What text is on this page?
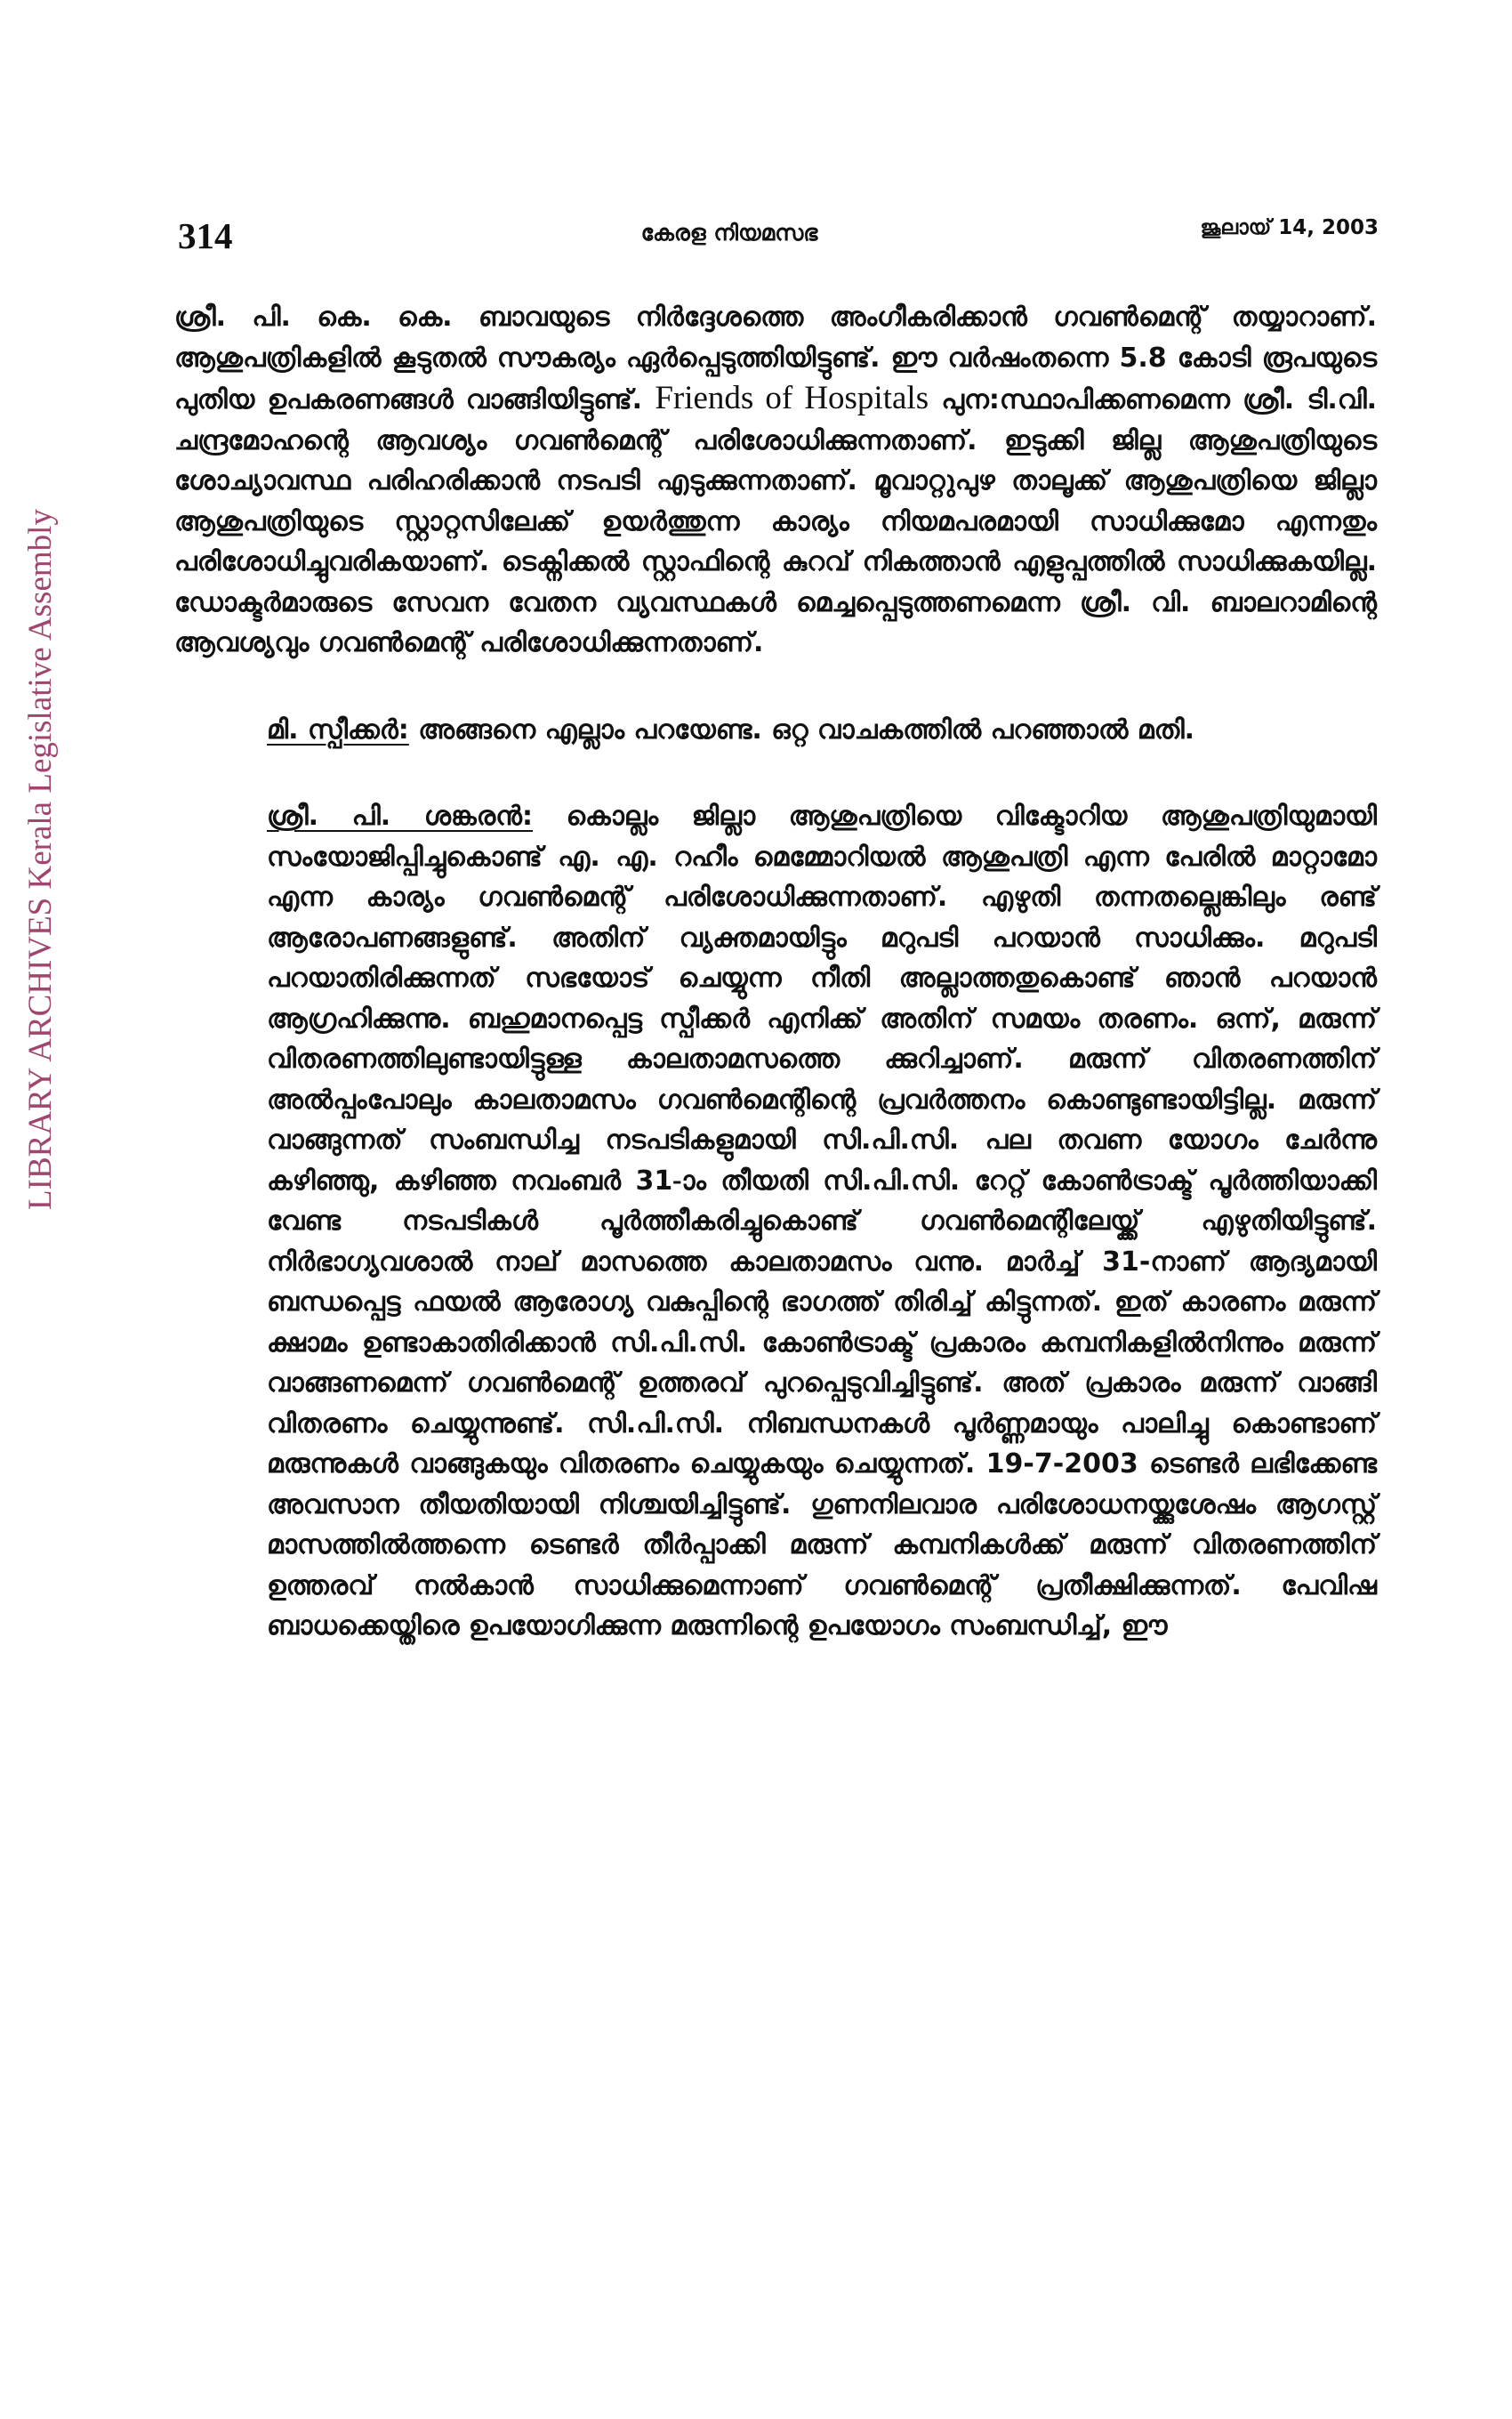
LIBRARY ARCHIVES Kerala Legislative Assembly
314	കേരള നിയമസഭ	ജൂലായ് 14, 2003

ശ്രീ. പി. കെ. കെ. ബാവയുടെ നിർദ്ദേശത്തെ അംഗീകരിക്കാൻ ഗവൺമെന്റ് തയ്യാറാണ്. ആശുപത്രികളിൽ കൂടുതൽ സൗകര്യം ഏർപ്പെടുത്തിയിട്ടുണ്ട്. ഈ വർഷംതന്നെ 5.8 കോടി രൂപയുടെ പുതിയ ഉപകരണങ്ങൾ വാങ്ങിയിട്ടുണ്ട്. Friends of Hospitals പുന:സ്ഥാപിക്കണമെന്ന ശ്രീ. ടി.വി. ചന്ദ്രമോഹന്റെ ആവശ്യം ഗവൺമെന്റ് പരിശോധിക്കുന്നതാണ്. ഇടുക്കി ജില്ല ആശുപത്രിയുടെ ശോച്യാവസ്ഥ പരിഹരിക്കാൻ നടപടി എടുക്കുന്നതാണ്. മൂവാറ്റുപുഴ താലൂക്ക് ആശുപത്രിയെ ജില്ലാ ആശുപത്രിയുടെ സ്റ്റാറ്റസിലേക്ക് ഉയർത്തുന്ന കാര്യം നിയമപരമായി സാധിക്കുമോ എന്നതും പരിശോധിച്ചുവരികയാണ്. ടെക്നിക്കൽ സ്റ്റാഫിന്റെ കുറവ് നികത്താൻ എളുപ്പത്തിൽ സാധിക്കുകയില്ല. ഡോക്ടർമാരുടെ സേവന വേതന വ്യവസ്ഥകൾ മെച്ചപ്പെടുത്തണമെന്ന ശ്രീ. വി. ബാലറാമിന്റെ ആവശ്യവും ഗവൺമെന്റ് പരിശോധിക്കുന്നതാണ്.

മി. സ്പീക്കർ: അങ്ങനെ എല്ലാം പറയേണ്ട. ഒറ്റ വാചകത്തിൽ പറഞ്ഞാൽ മതി.

ശ്രീ. പി. ശങ്കരൻ: കൊല്ലം ജില്ലാ ആശുപത്രിയെ വിക്ടോറിയ ആശുപത്രിയുമായി സംയോജിപ്പിച്ചുകൊണ്ട് എ. എ. റഹീം മെമ്മോറിയൽ ആശുപത്രി എന്ന പേരിൽ മാറ്റാമോ എന്ന കാര്യം ഗവൺമെന്റ് പരിശോധിക്കുന്നതാണ്. എഴുതി തന്നതല്ലെങ്കിലും രണ്ട് ആരോപണങ്ങളുണ്ട്. അതിന് വ്യക്തമായിട്ടും മറുപടി പറയാൻ സാധിക്കും. മറുപടി പറയാതിരിക്കുന്നത് സഭയോട് ചെയ്യുന്ന നീതി അല്ലാത്തതുകൊണ്ട് ഞാൻ പറയാൻ ആഗ്രഹിക്കുന്നു. ബഹുമാനപ്പെട്ട സ്പീക്കർ എനിക്ക് അതിന് സമയം തരണം. ഒന്ന്, മരുന്ന് വിതരണത്തിലുണ്ടായിട്ടുള്ള കാലതാമസത്തെ ക്കുറിച്ചാണ്. മരുന്ന് വിതരണത്തിന് അൽപ്പംപോലും കാലതാമസം ഗവൺമെന്റിന്റെ പ്രവർത്തനം കൊണ്ടുണ്ടായിട്ടില്ല. മരുന്ന് വാങ്ങുന്നത് സംബന്ധിച്ച നടപടികളുമായി സി.പി.സി. പല തവണ യോഗം ചേർന്നു കഴിഞ്ഞു, കഴിഞ്ഞ നവംബർ 31-ാം തീയതി സി.പി.സി. റേറ്റ് കോൺട്രാക്ട് പൂർത്തിയാക്കി വേണ്ട നടപടികൾ പൂർത്തീകരിച്ചുകൊണ്ട് ഗവൺമെന്റിലേയ്ക്ക് എഴുതിയിട്ടുണ്ട്. നിർഭാഗ്യവശാൽ നാല് മാസത്തെ കാലതാമസം വന്നു. മാർച്ച് 31-നാണ് ആദ്യമായി ബന്ധപ്പെട്ട ഫയൽ ആരോഗ്യ വകുപ്പിന്റെ ഭാഗത്ത് തിരിച്ച് കിട്ടുന്നത്. ഇത് കാരണം മരുന്ന് ക്ഷാമം ഉണ്ടാകാതിരിക്കാൻ സി.പി.സി. കോൺട്രാക്ട് പ്രകാരം കമ്പനികളിൽനിന്നും മരുന്ന് വാങ്ങണമെന്ന് ഗവൺമെന്റ് ഉത്തരവ് പുറപ്പെടുവിച്ചിട്ടുണ്ട്. അത് പ്രകാരം മരുന്ന് വാങ്ങി വിതരണം ചെയ്യുന്നുണ്ട്. സി.പി.സി. നിബന്ധനകൾ പൂർണ്ണമായും പാലിച്ചു കൊണ്ടാണ് മരുന്നുകൾ വാങ്ങുകയും വിതരണം ചെയ്യുകയും ചെയ്യുന്നത്. 19-7-2003 ടെണ്ടർ ലഭിക്കേണ്ട അവസാന തീയതിയായി നിശ്ചയിച്ചിട്ടുണ്ട്. ഗുണനിലവാര പരിശോധനയ്ക്കുശേഷം ആഗസ്റ്റ് മാസത്തിൽത്തന്നെ ടെണ്ടർ തീർപ്പാക്കി മരുന്ന് കമ്പനികൾക്ക് മരുന്ന് വിതരണത്തിന് ഉത്തരവ് നൽകാൻ സാധിക്കുമെന്നാണ് ഗവൺമെന്റ് പ്രതീക്ഷിക്കുന്നത്. പേവിഷ ബാധക്കെയ്തിരെ ഉപയോഗിക്കുന്ന മരുന്നിന്റെ ഉപയോഗം സംബന്ധിച്ച്, ഈ
